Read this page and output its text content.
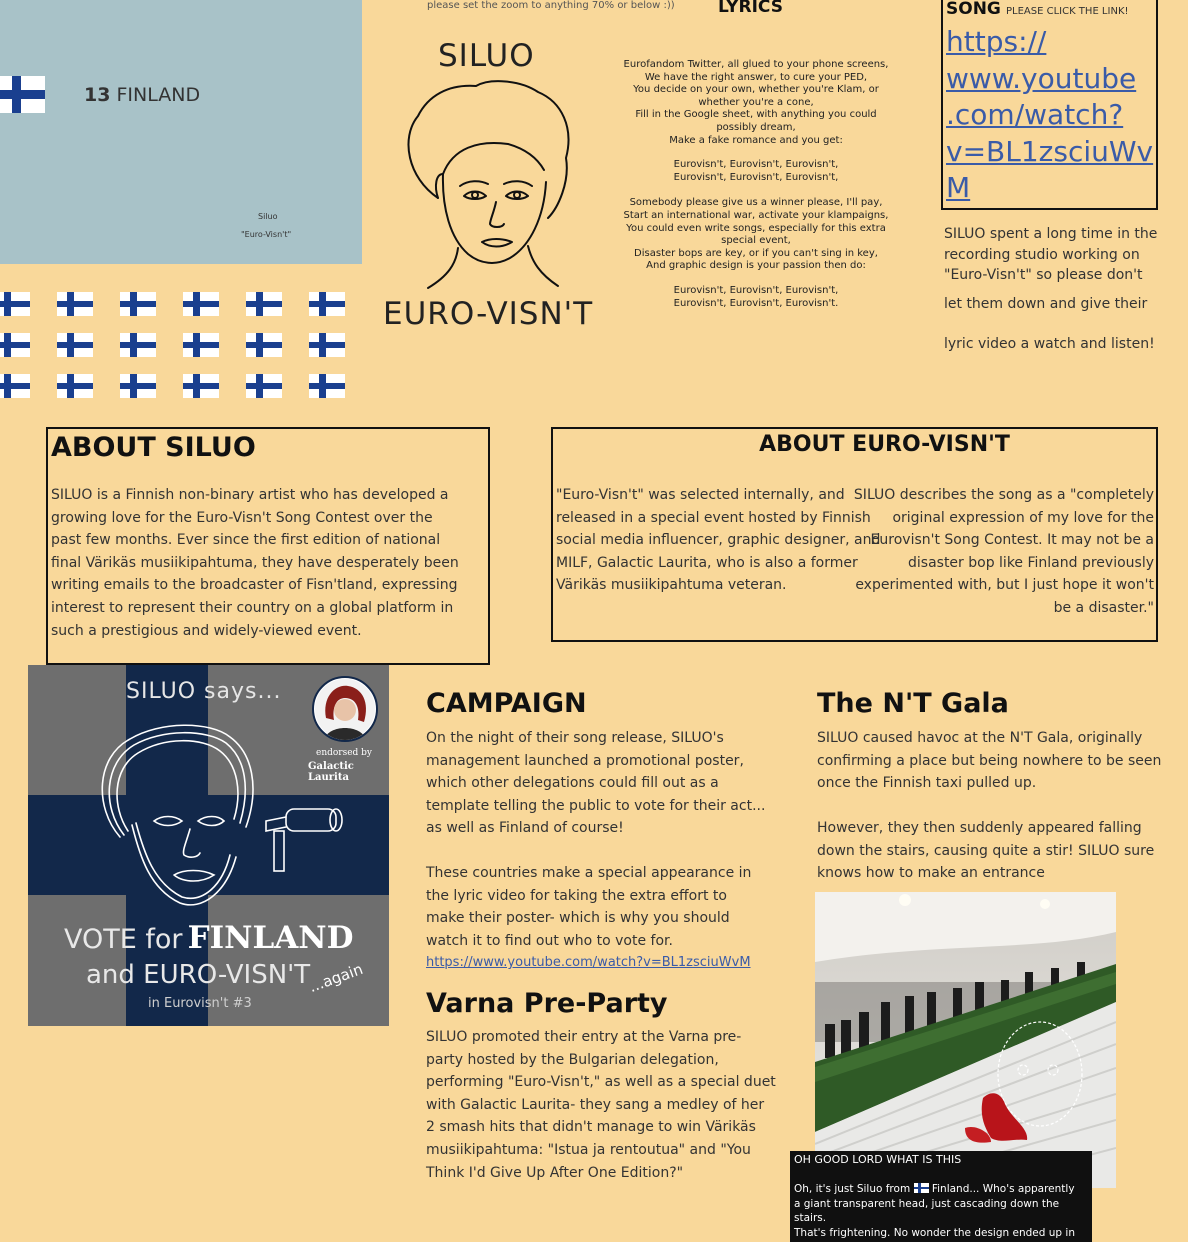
13 FINLAND
Siluo
"Euro-Visn't"
please set the zoom to anything 70% or below :))
SILUO
EURO-VISN'T
LYRICS
Eurofandom Twitter, all glued to your phone screens,
We have the right answer, to cure your PED,
You decide on your own, whether you're Klam, or
whether you're a cone,
Fill in the Google sheet, with anything you could
possibly dream,
Make a fake romance and you get:
Eurovisn't, Eurovisn't, Eurovisn't,
Eurovisn't, Eurovisn't, Eurovisn't,
Somebody please give us a winner please, I'll pay,
Start an international war, activate your klampaigns,
You could even write songs, especially for this extra
special event,
Disaster bops are key, or if you can't sing in key,
And graphic design is your passion then do:
Eurovisn't, Eurovisn't, Eurovisn't,
Eurovisn't, Eurovisn't, Eurovisn't.
SONG PLEASE CLICK THE LINK!
https://
www.youtube
.com/watch?
v=BL1zsciuWv
M
SILUO spent a long time in the recording studio working on "Euro-Visn't" so please don't
let them down and give their
lyric video a watch and listen!
ABOUT SILUO
SILUO is a Finnish non-binary artist who has developed a growing love for the Euro-Visn't Song Contest over the past few months. Ever since the first edition of national final Värikäs musiikipahtuma, they have desperately been writing emails to the broadcaster of Fisn'tland, expressing interest to represent their country on a global platform in such a prestigious and widely-viewed event.
ABOUT EURO-VISN'T
"Euro-Visn't" was selected internally, and released in a special event hosted by Finnish social media influencer, graphic designer, and MILF, Galactic Laurita, who is also a former Värikäs musiikipahtuma veteran.
SILUO describes the song as a "completely original expression of my love for the Eurovisn't Song Contest. It may not be a disaster bop like Finland previously experimented with, but I just hope it won't be a disaster."
SILUO says...
endorsed by
Galactic Laurita
VOTE for FINLAND
and EURO-VISN'T
...again
in Eurovisn't #3
CAMPAIGN
On the night of their song release, SILUO's management launched a promotional poster, which other delegations could fill out as a template telling the public to vote for their act... as well as Finland of course!
These countries make a special appearance in the lyric video for taking the extra effort to make their poster- which is why you should watch it to find out who to vote for.
https://www.youtube.com/watch?v=BL1zsciuWvM
Varna Pre-Party
SILUO promoted their entry at the Varna pre-party hosted by the Bulgarian delegation, performing "Euro-Visn't," as well as a special duet with Galactic Laurita- they sang a medley of her 2 smash hits that didn't manage to win Värikäs musiikipahtuma: "Istua ja rentoutua" and "You Think I'd Give Up After One Edition?"
The N'T Gala
SILUO caused havoc at the N'T Gala, originally confirming a place but being nowhere to be seen once the Finnish taxi pulled up.
However, they then suddenly appeared falling down the stairs, causing quite a stir! SILUO sure knows how to make an entrance
OH GOOD LORD WHAT IS THIS
Oh, it's just Siluo from Finland... Who's apparently
a giant transparent head, just cascading down the
stairs.
That's frightening. No wonder the design ended up in
